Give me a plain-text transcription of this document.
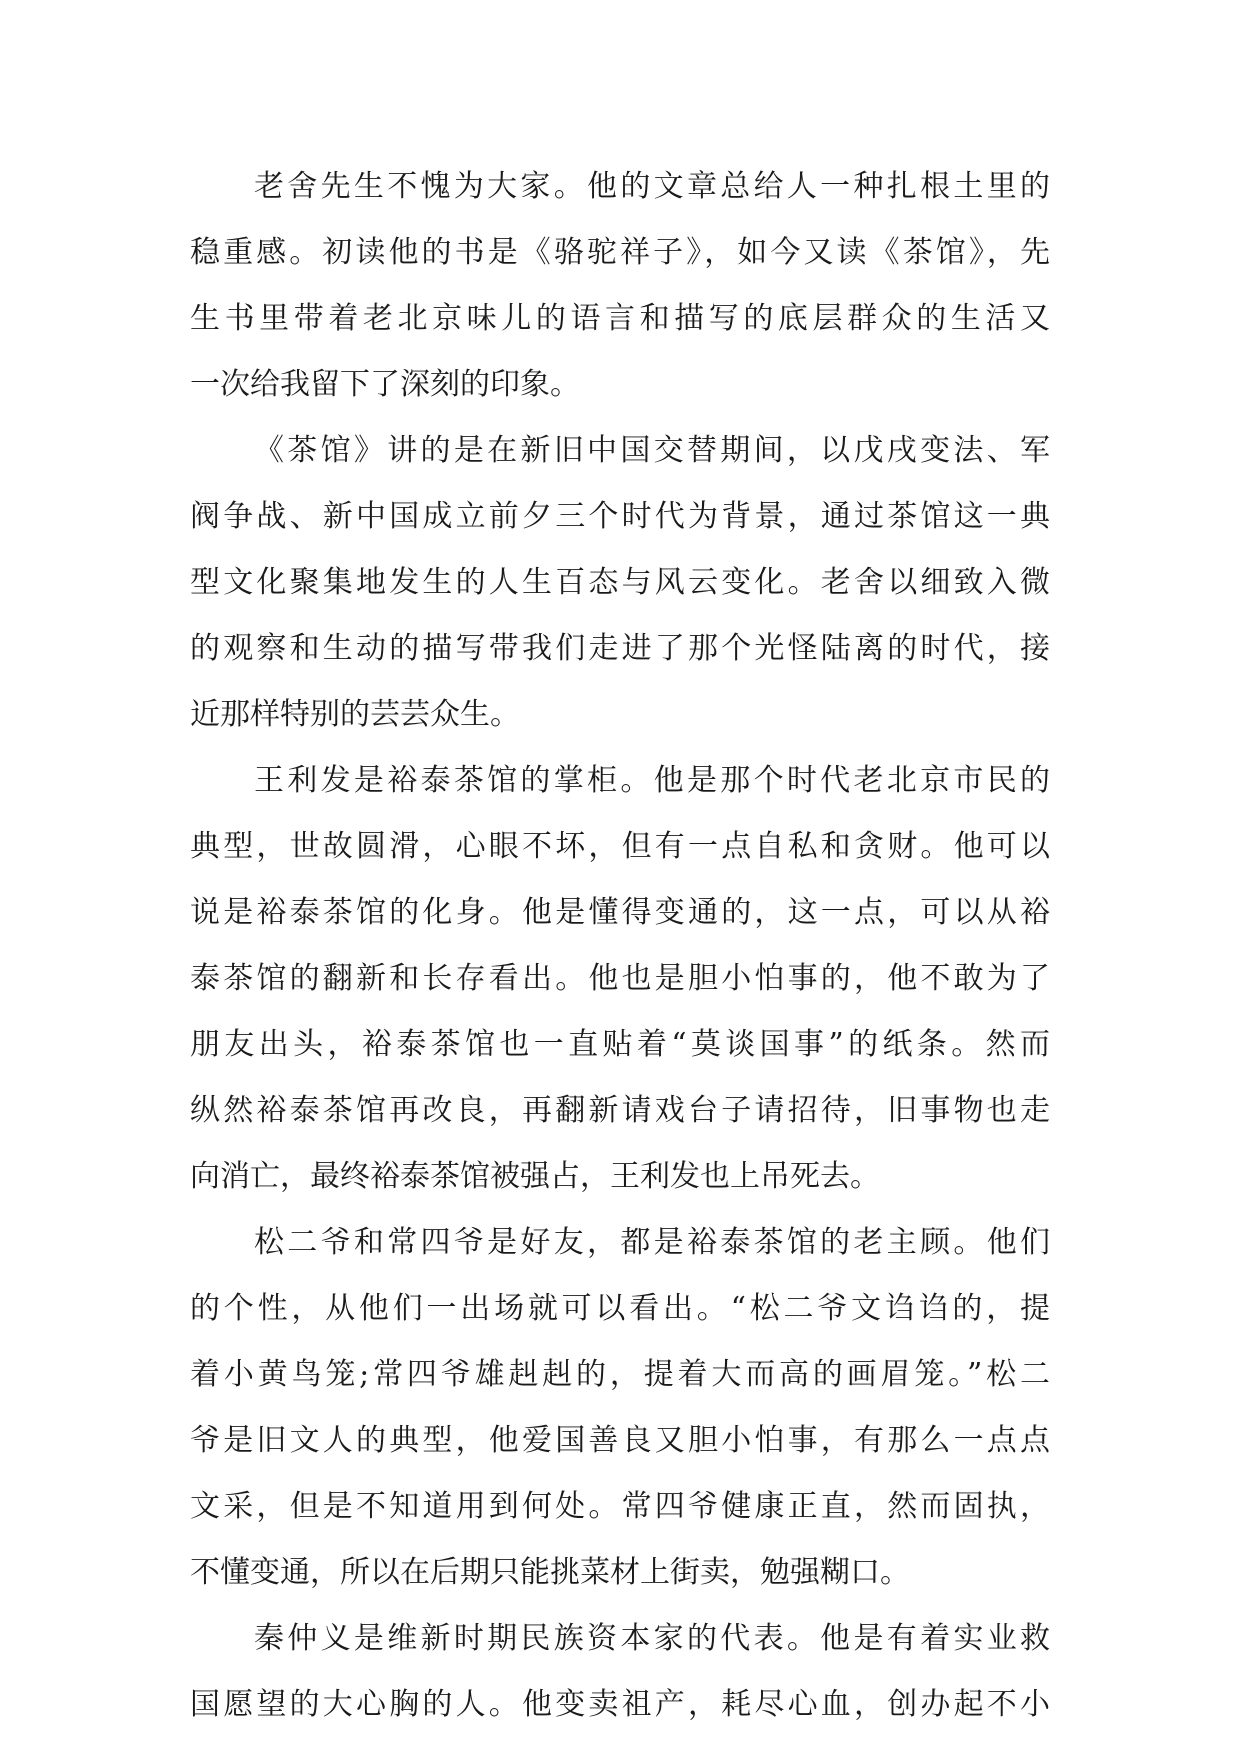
老舍先生不愧为大家。他的文章总给人一种扎根土里的
稳重感。初读他的书是《骆驼祥子》，如今又读《茶馆》，先
生书里带着老北京味儿的语言和描写的底层群众的生活又
一次给我留下了深刻的印象。
《茶馆》讲的是在新旧中国交替期间，以戊戌变法、军
阀争战、新中国成立前夕三个时代为背景，通过茶馆这一典
型文化聚集地发生的人生百态与风云变化。老舍以细致入微
的观察和生动的描写带我们走进了那个光怪陆离的时代，接
近那样特别的芸芸众生。
王利发是裕泰茶馆的掌柜。他是那个时代老北京市民的
典型，世故圆滑，心眼不坏，但有一点自私和贪财。他可以
说是裕泰茶馆的化身。他是懂得变通的，这一点，可以从裕
泰茶馆的翻新和长存看出。他也是胆小怕事的，他不敢为了
朋友出头，裕泰茶馆也一直贴着“莫谈国事”的纸条。然而
纵然裕泰茶馆再改良，再翻新请戏台子请招待，旧事物也走
向消亡，最终裕泰茶馆被强占，王利发也上吊死去。
松二爷和常四爷是好友，都是裕泰茶馆的老主顾。他们
的个性，从他们一出场就可以看出。“松二爷文诌诌的，提
着小黄鸟笼;常四爷雄赳赳的，提着大而高的画眉笼。”松二
爷是旧文人的典型，他爱国善良又胆小怕事，有那么一点点
文采，但是不知道用到何处。常四爷健康正直，然而固执，
不懂变通，所以在后期只能挑菜材上街卖，勉强糊口。
秦仲义是维新时期民族资本家的代表。他是有着实业救
国愿望的大心胸的人。他变卖祖产，耗尽心血，创办起不小
